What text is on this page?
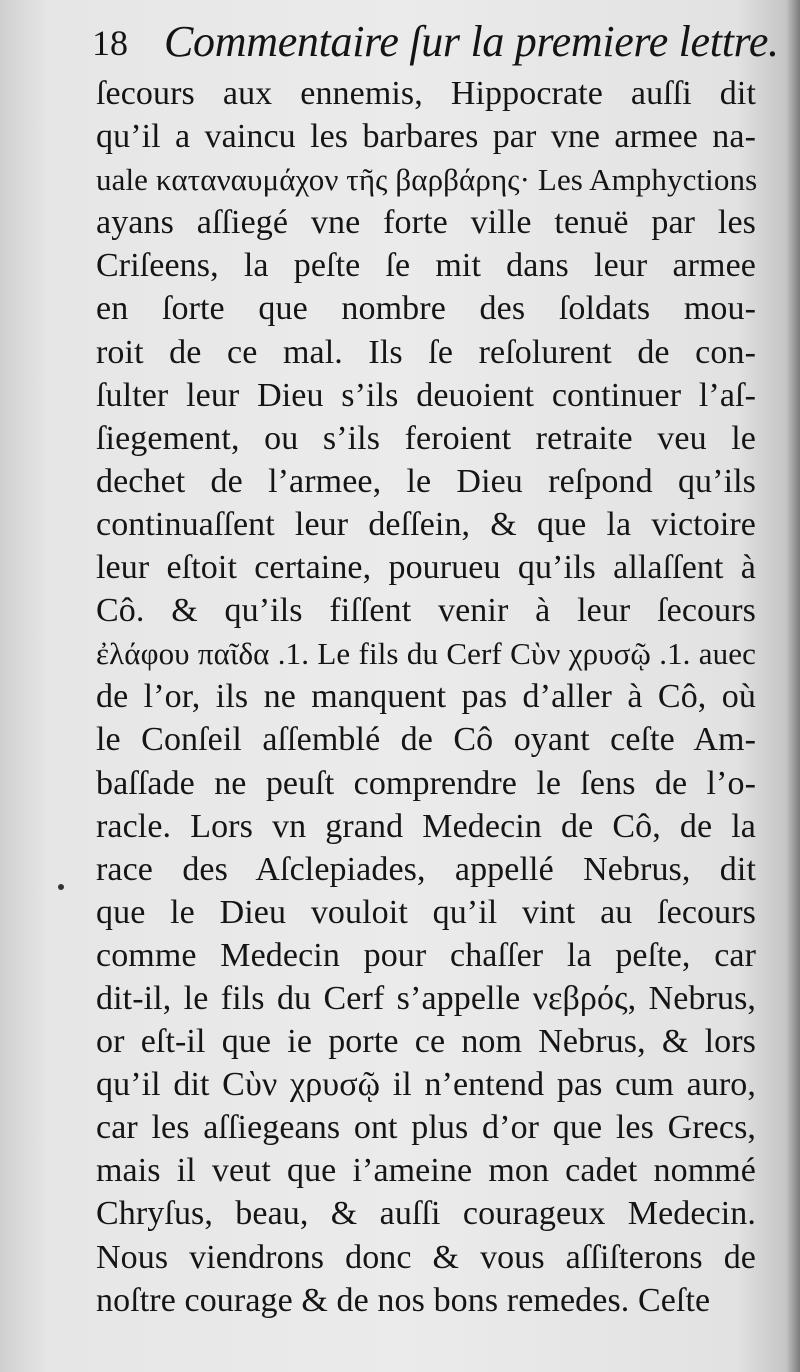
18 Commentaire ſur la premiere lettre.
ſecours aux ennemis, Hippocrate auſſi dit
qu’il a vaincu les barbares par vne armee na-
uale καταναυμάχον τῆς βαρβάρης· Les Amphyctions
ayans aſſiegé vne forte ville tenuë par les
Criſeens, la peſte ſe mit dans leur armee
en ſorte que nombre des ſoldats mou-
roit de ce mal. Ils ſe reſolurent de con-
ſulter leur Dieu s’ils deuoient continuer l’aſ-
ſiegement, ou s’ils feroient retraite veu le
dechet de l’armee, le Dieu reſpond qu’ils
continuaſſent leur deſſein, & que la victoire
leur eſtoit certaine, pourueu qu’ils allaſſent à
Cô. & qu’ils fiſſent venir à leur ſecours
ἐλάφου παῖδα .1. Le fils du Cerf Cὺν χρυσῷ .1. auec
de l’or, ils ne manquent pas d’aller à Cô, où
le Conſeil aſſemblé de Cô oyant ceſte Am-
baſſade ne peuſt comprendre le ſens de l’o-
racle. Lors vn grand Medecin de Cô, de la
race des Aſclepiades, appellé Nebrus, dit
que le Dieu vouloit qu’il vint au ſecours
comme Medecin pour chaſſer la peſte, car
dit-il, le fils du Cerf s’appelle νεβρός, Nebrus,
or eſt-il que ie porte ce nom Nebrus, & lors
qu’il dit Cὺν χρυσῷ il n’entend pas cum auro,
car les aſſiegeans ont plus d’or que les Grecs,
mais il veut que i’ameine mon cadet nommé
Chryſus, beau, & auſſi courageux Medecin.
Nous viendrons donc & vous aſſiſterons de
noſtre courage & de nos bons remedes. Ceſte
